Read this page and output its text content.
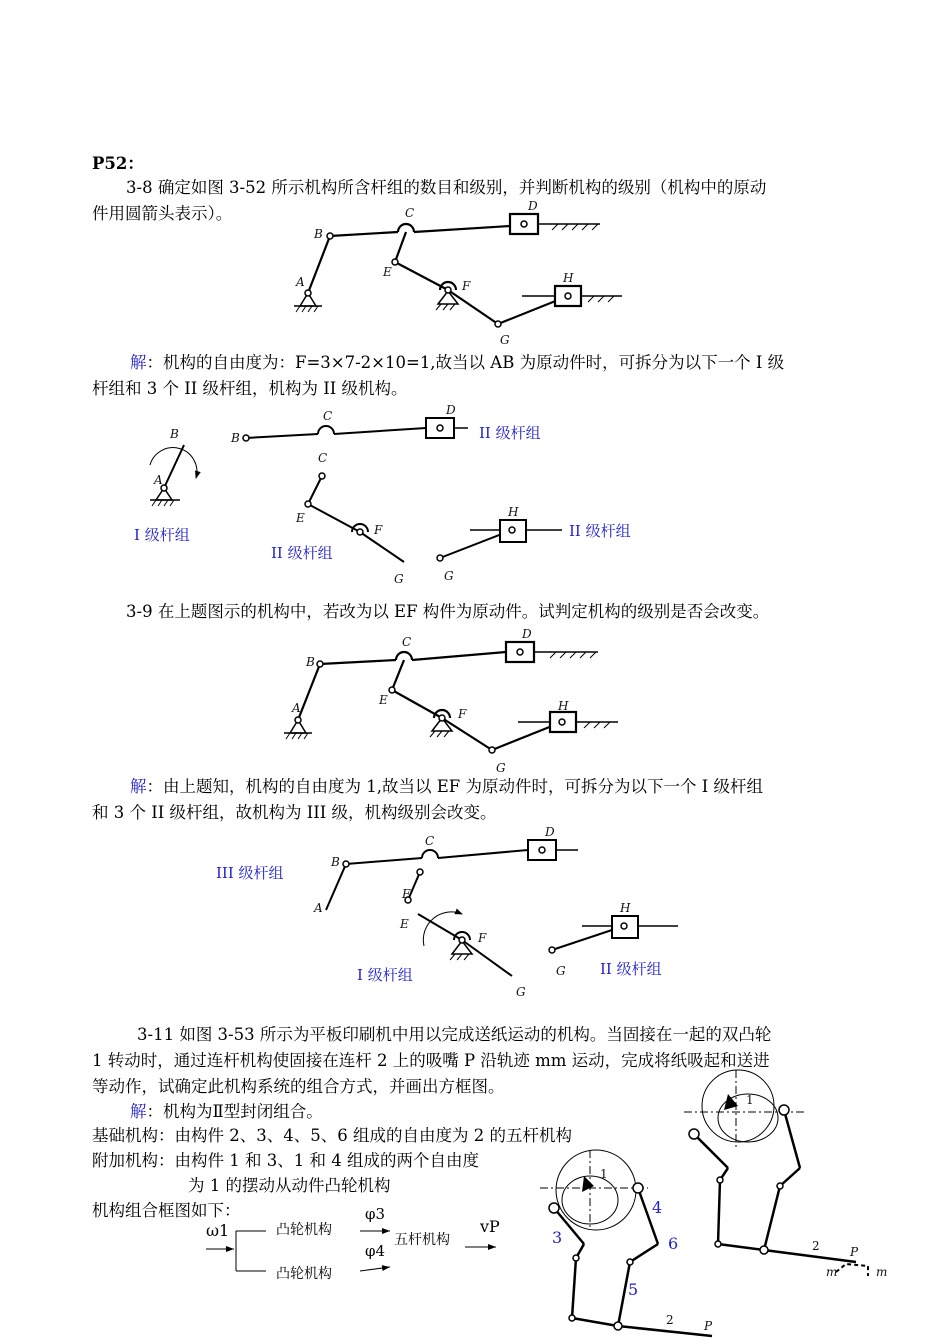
P52：
3-8 确定如图 3-52 所示机构所含杆组的数目和级别，并判断机构的级别（机构中的原动
件用圆箭头表示）。
解：机构的自由度为：F=3×7-2×10=1,故当以 AB 为原动件时，可拆分为以下一个 I 级
杆组和 3 个 II 级杆组，机构为 II 级机构。
I 级杆组
II 级杆组
II 级杆组
II 级杆组
3-9 在上题图示的机构中，若改为以 EF 构件为原动件。试判定机构的级别是否会改变。
解：由上题知，机构的自由度为 1,故当以 EF 为原动件时，可拆分为以下一个 I 级杆组
和 3 个 II 级杆组，故机构为 III 级，机构级别会改变。
III 级杆组
I 级杆组	II 级杆组
3-11 如图 3-53 所示为平板印刷机中用以完成送纸运动的机构。当固接在一起的双凸轮
1 转动时，通过连杆机构使固接在连杆 2 上的吸嘴 P 沿轨迹 mm 运动，完成将纸吸起和送进
等动作，试确定此机构系统的组合方式，并画出方框图。
解：机构为Ⅱ型封闭组合。
基础机构：由构件 2、3、4、5、6 组成的自由度为 2 的五杆机构
附加机构：由构件 1 和 3、1 和 4 组成的两个自由度
为 1 的摆动从动件凸轮机构
机构组合框图如下：
ω1	凸轮机构
凸轮机构
φ3
φ4
五杆机构
vP
A
B
C	D
E
F
G
H
B
A
B
C	D
C
E
F
G	G
H
A
B
C
D
E
F
G
H
A
B
C
D
F
E
F
G
G
H
1
1
2
2
P
P
m	m
3
4
5
6
